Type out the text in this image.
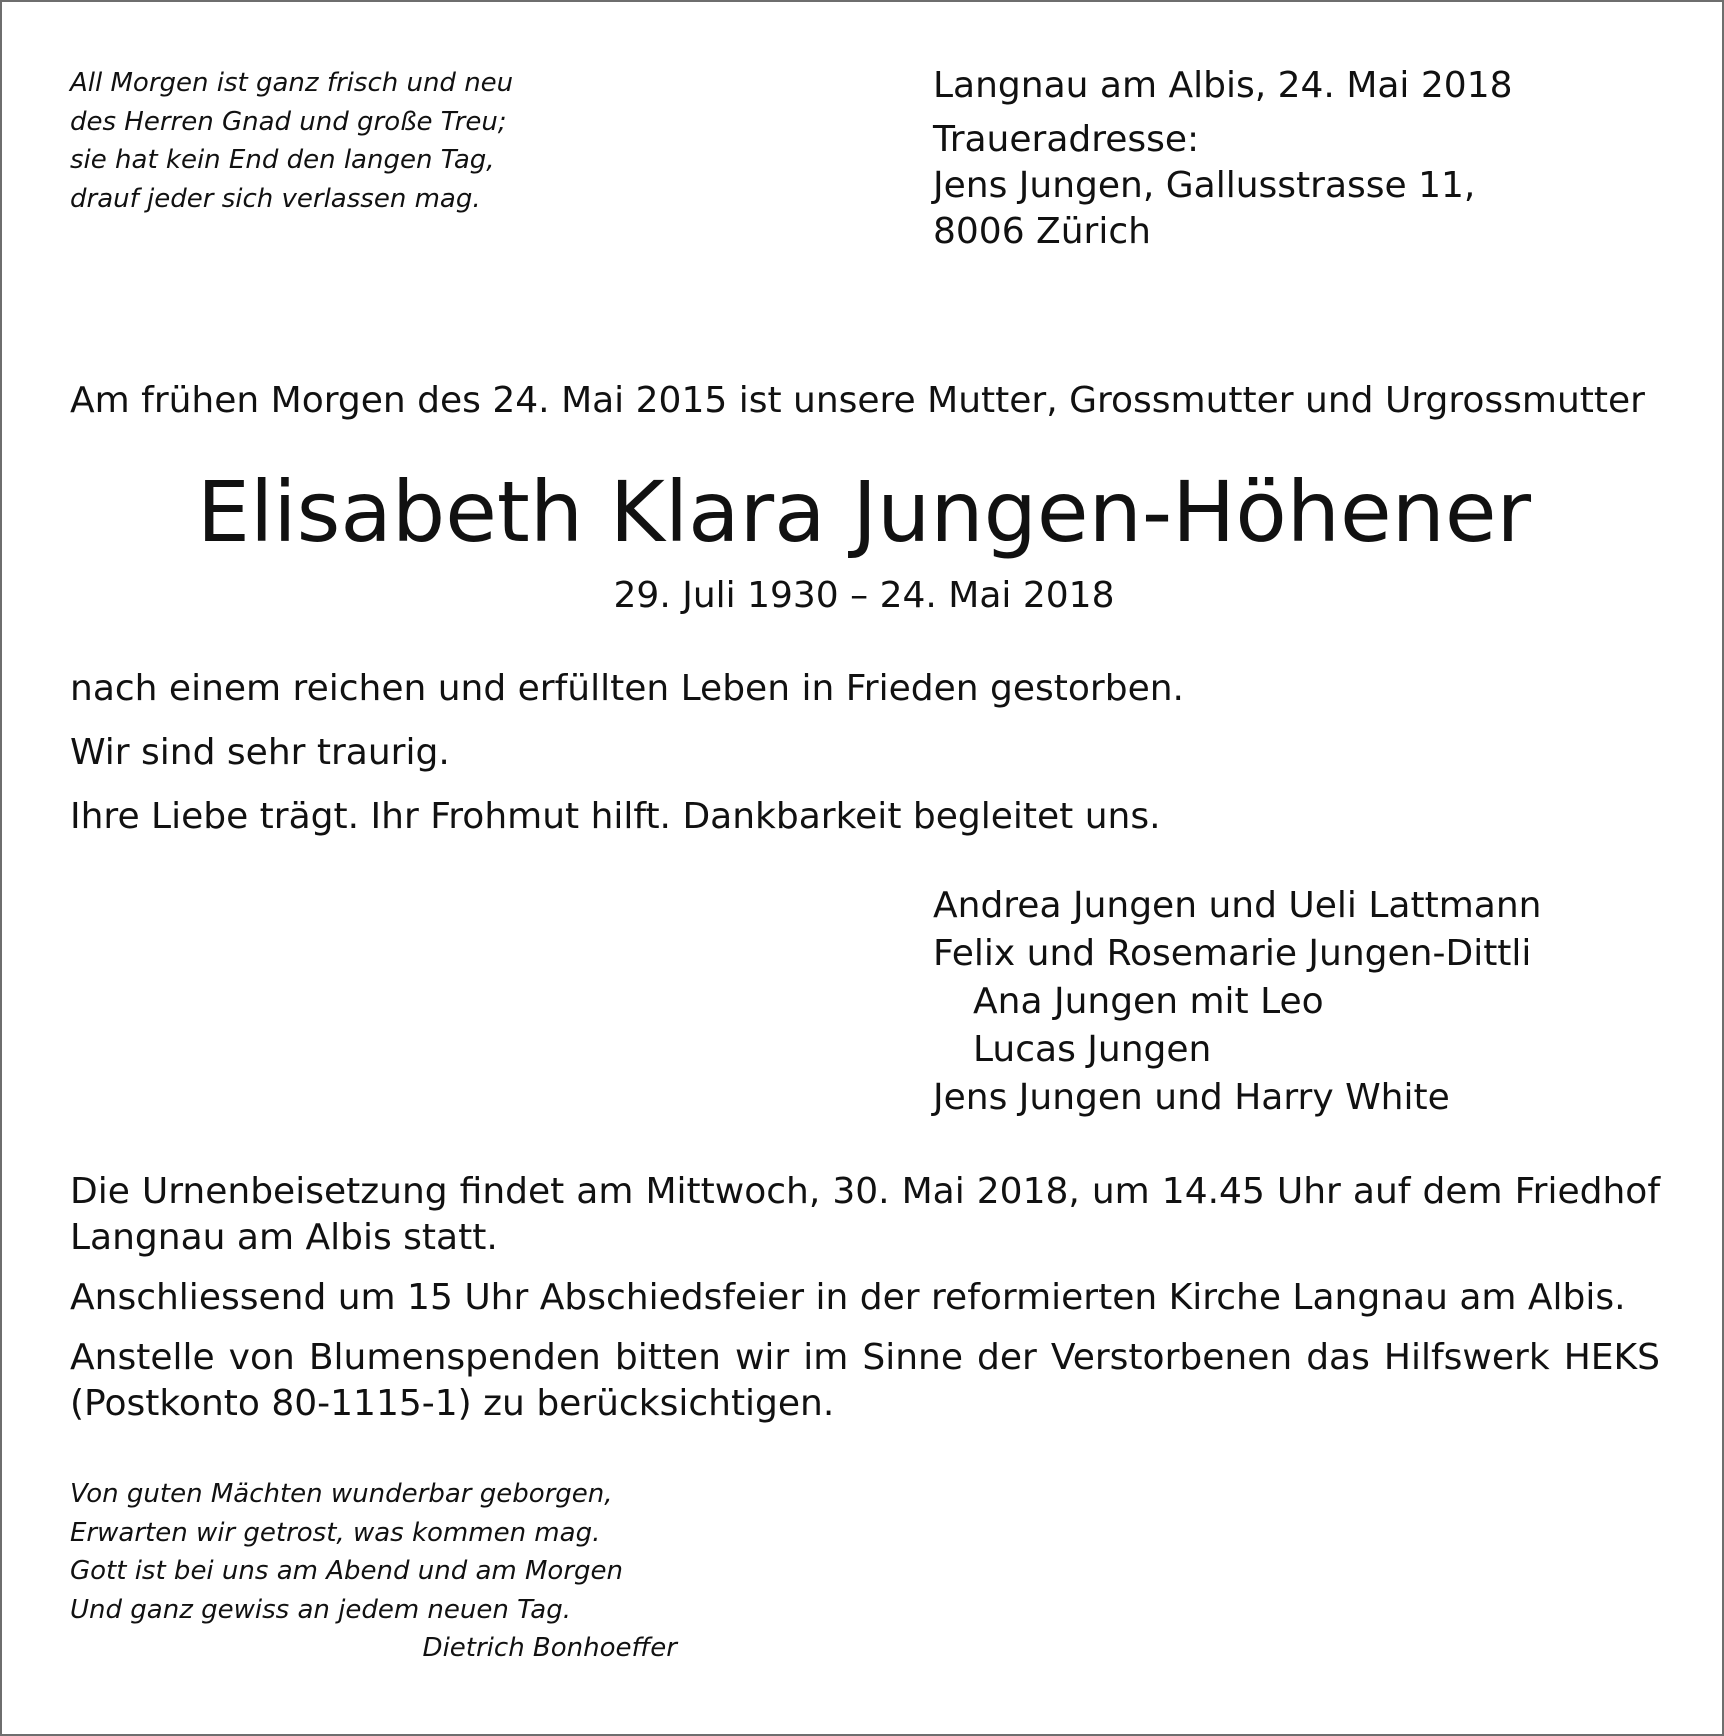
All Morgen ist ganz frisch und neu
des Herren Gnad und große Treu;
sie hat kein End den langen Tag,
drauf jeder sich verlassen mag.
Langnau am Albis, 24. Mai 2018
Traueradresse:
Jens Jungen, Gallusstrasse 11,
8006 Zürich
Am frühen Morgen des 24. Mai 2015 ist unsere Mutter, Grossmutter und Urgrossmutter
Elisabeth Klara Jungen-Höhener
29. Juli 1930 – 24. Mai 2018
nach einem reichen und erfüllten Leben in Frieden gestorben.
Wir sind sehr traurig.
Ihre Liebe trägt. Ihr Frohmut hilft. Dankbarkeit begleitet uns.
Andrea Jungen und Ueli Lattmann
Felix und Rosemarie Jungen-Dittli
Ana Jungen mit Leo
Lucas Jungen
Jens Jungen und Harry White
Die Urnenbeisetzung findet am Mittwoch, 30. Mai 2018, um 14.45 Uhr auf dem Friedhof
Langnau am Albis statt.
Anschliessend um 15 Uhr Abschiedsfeier in der reformierten Kirche Langnau am Albis.
Anstelle von Blumenspenden bitten wir im Sinne der Verstorbenen das Hilfswerk HEKS
(Postkonto 80-1115-1) zu berücksichtigen.
Von guten Mächten wunderbar geborgen,
Erwarten wir getrost, was kommen mag.
Gott ist bei uns am Abend und am Morgen
Und ganz gewiss an jedem neuen Tag.
Dietrich Bonhoeffer
